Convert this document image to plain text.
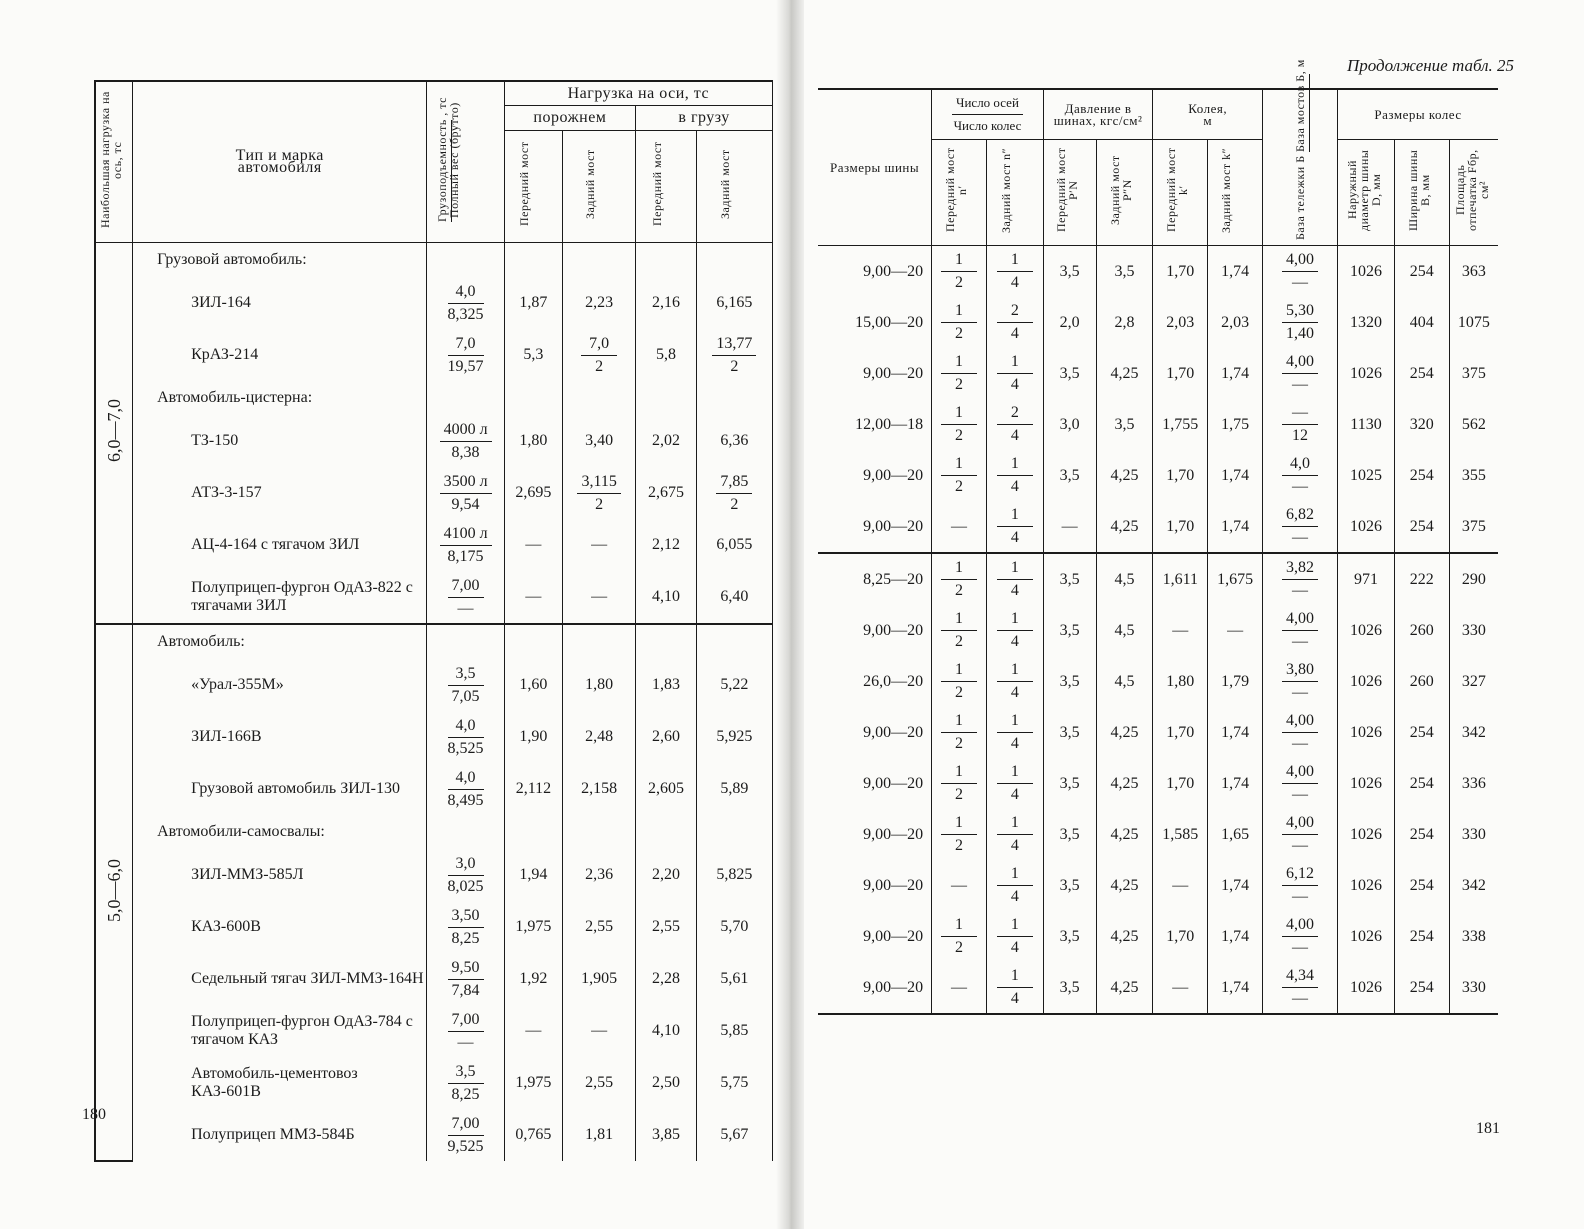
Наибольшая нагрузка на ось, тс	Тип и марка автомобиля	Грузоподъемность , тс Полный вес (брутто)	Нагрузка на оси, тс			
			порожнем		в грузу	
			Передний мост	Задний мост	Передний мост	Задний мост
6,0—7,0	Грузовой автомобиль:					
	ЗИЛ-164	$\frac{4,0}{8,325}$	1,87	2,23	2,16	6,165
	КрАЗ-214	$\frac{7,0}{19,57}$	5,3	$\frac{7,0}{2}$	5,8	$\frac{13,77}{2}$

	Автомобиль-цистерна:					
	ТЗ-150	$\frac{4000 л}{8,38}$	1,80	3,40	2,02	6,36
	АТЗ-3-157	$\frac{3500 л}{9,54}$	2,695	$\frac{3,115}{2}$	2,675	$\frac{7,85}{2}$

	АЦ-4-164 с тягачом ЗИЛ	$\frac{4100 л}{8,175}$	—	—	2,12	6,055
	Полуприцеп-фургон ОдАЗ-822 с тягачами ЗИЛ	$\frac{7,00}{—}$	—	—	4,10	6,40
5,0—6,0	Автомобиль:					
	«Урал-355М»	$\frac{3,5}{7,05}$	1,60	1,80	1,83	5,22
	ЗИЛ-166В	$\frac{4,0}{8,525}$	1,90	2,48	2,60	5,925
	Грузовой автомобиль ЗИЛ-130	$\frac{4,0}{8,495}$	2,112	2,158	2,605	5,89
	Автомобили-самосвалы:					
	ЗИЛ-ММЗ-585Л	$\frac{3,0}{8,025}$	1,94	2,36	2,20	5,825
	КАЗ-600В	$\frac{3,50}{8,25}$	1,975	2,55	2,55	5,70
	Седельный тягач ЗИЛ-ММЗ-164Н	$\frac{9,50}{7,84}$	1,92	1,905	2,28	5,61
	Полуприцеп-фургон ОдАЗ-784 с тягачом КАЗ	$\frac{7,00}{—}$	—	—	4,10	5,85
	Автомобиль-цементовоз КАЗ-601В	$\frac{3,5}{8,25}$	1,975	2,55	2,50	5,75
	Полуприцеп ММЗ-584Б	$\frac{7,00}{9,525}$	0,765	1,81	3,85	5,67
180
Продолжение табл. 25
Размеры шины	$\frac{\text{Число осей}}{\text{Число колес}}$		Давление в шинах, кгс/см²		Колея, м		База тележки Б База мостов Б, м	Размеры колес		
	Передний мост n′	Задний мост n″	Передний мост P′N	Задний мост P″N	Передний мост k′	Задний мост k″		Наружный диаметр шины D, мм	Ширина шины B, мм	Площадь отпечатка Fбр, см²
9,00—20	$\frac{1}{2}$	$\frac{1}{4}$	3,5	3,5	1,70	1,74	$\frac{4,00}{—}$	1026	254	363
15,00—20	$\frac{1}{2}$	$\frac{2}{4}$	2,0	2,8	2,03	2,03	$\frac{5,30}{1,40}$	1320	404	1075
9,00—20	$\frac{1}{2}$	$\frac{1}{4}$	3,5	4,25	1,70	1,74	$\frac{4,00}{—}$	1026	254	375
12,00—18	$\frac{1}{2}$	$\frac{2}{4}$	3,0	3,5	1,755	1,75	$\frac{—}{12}$	1130	320	562
9,00—20	$\frac{1}{2}$	$\frac{1}{4}$	3,5	4,25	1,70	1,74	$\frac{4,0}{—}$	1025	254	355
9,00—20	—	$\frac{1}{4}$	—	4,25	1,70	1,74	$\frac{6,82}{—}$	1026	254	375
8,25—20	$\frac{1}{2}$	$\frac{1}{4}$	3,5	4,5	1,611	1,675	$\frac{3,82}{—}$	971	222	290
9,00—20	$\frac{1}{2}$	$\frac{1}{4}$	3,5	4,5	—	—	$\frac{4,00}{—}$	1026	260	330
26,0—20	$\frac{1}{2}$	$\frac{1}{4}$	3,5	4,5	1,80	1,79	$\frac{3,80}{—}$	1026	260	327
9,00—20	$\frac{1}{2}$	$\frac{1}{4}$	3,5	4,25	1,70	1,74	$\frac{4,00}{—}$	1026	254	342
9,00—20	$\frac{1}{2}$	$\frac{1}{4}$	3,5	4,25	1,70	1,74	$\frac{4,00}{—}$	1026	254	336
9,00—20	$\frac{1}{2}$	$\frac{1}{4}$	3,5	4,25	1,585	1,65	$\frac{4,00}{—}$	1026	254	330
9,00—20	—	$\frac{1}{4}$	3,5	4,25	—	1,74	$\frac{6,12}{—}$	1026	254	342
9,00—20	$\frac{1}{2}$	$\frac{1}{4}$	3,5	4,25	1,70	1,74	$\frac{4,00}{—}$	1026	254	338
9,00—20	—	$\frac{1}{4}$	3,5	4,25	—	1,74	$\frac{4,34}{—}$	1026	254	330
181
